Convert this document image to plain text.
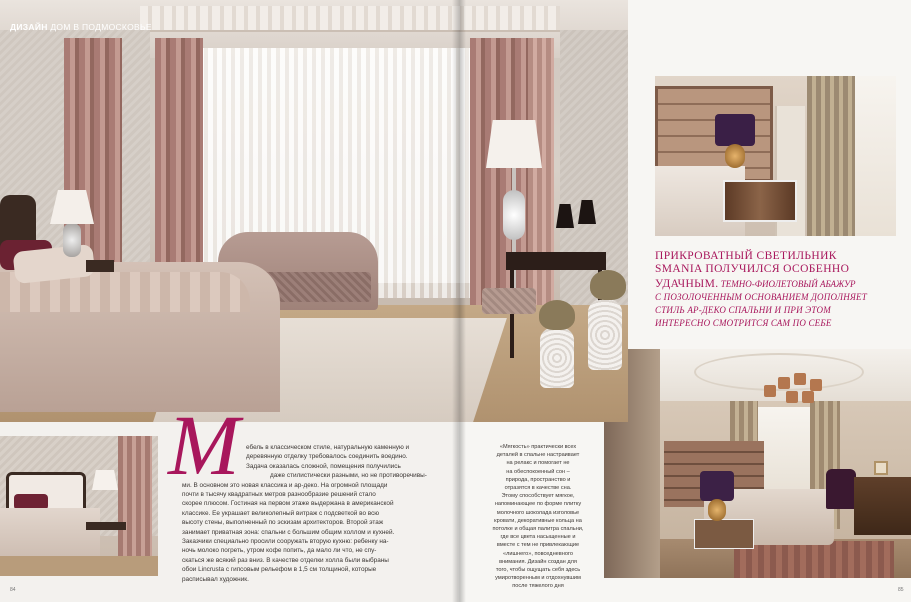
М ебель в классическом стиле, натуральную каменную и
деревянную отделку требовалось соединить воедино.
Задача оказалась сложной, помещения получились
даже стилистически разными, но не противоречивы-
ми. В основном это новая классика и ар-деко. На огромной площади
почти в тысячу квадратных метров разнообразие решений стало
скорее плюсом. Гостиная на первом этаже выдержана в американской
классике. Ее украшает великолепный витраж с подсветкой во всю
высоту стены, выполненный по эскизам архитекторов. Второй этаж
занимает приватная зона: спальни с большим общим холлом и кухней.
Заказчики специально просили сооружать вторую кухню: ребенку на-
ночь молоко погреть, утром кофе попить, да мало ли что, не спу-
скаться же всякий раз вниз. В качестве отделки холла были выбраны
обои Lincrusta с гипсовым рельефом в 1,5 см толщиной, которые
расписывал художник.
84
ПРИКРОВАТНЫЙ СВЕТИЛЬНИК
SMANIA ПОЛУЧИЛСЯ ОСОБЕННО
УДАЧНЫМ. ТЕМНО-ФИОЛЕТОВЫЙ АБАЖУР
С ПОЗОЛОЧЕННЫМ ОСНОВАНИЕМ ДОПОЛНЯЕТ
СТИЛЬ АР-ДЕКО СПАЛЬНИ И ПРИ ЭТОМ
ИНТЕРЕСНО СМОТРИТСЯ САМ ПО СЕБЕ
«Мягкость» практически всех
деталей в спальне настраивает
на релакс и помогает не
на обеспокоенный сон –
природа, пространство и
отразятся в качестве сна.
Этому способствует мягкое,
напоминающее по форме плитку
молочного шоколада изголовье
кровати, декоративные кольца на
потолке и общая палитра спальни,
где все цвета насыщенные и
вместе с тем не привлекающие
«лишнего», повседневного
внимания. Дизайн создан для
того, чтобы ощущать себя здесь
умиротворенным и отдохнувшим
после тяжелого дня
85
ДИЗАЙН ДОМ В ПОДМОСКОВЬЕ
